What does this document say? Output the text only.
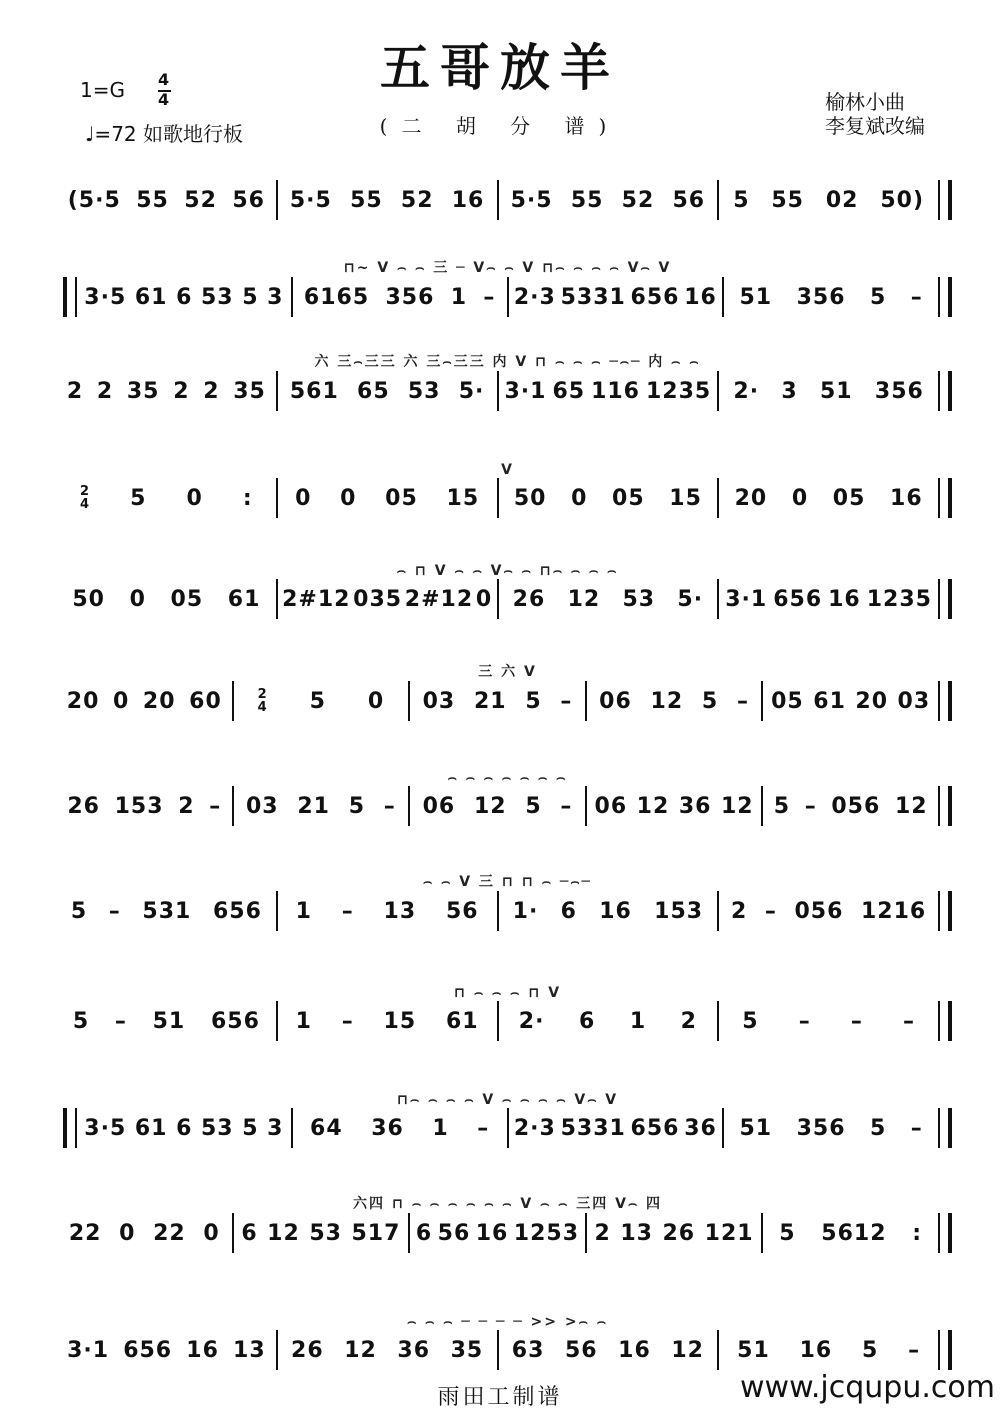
五哥放羊
(二 胡 分 谱)
1=G 4
4
♩=72 如歌地行板
榆林小曲
李复斌改编
(5·5 55 52 56 5·5 55 52 16 5·5 55 52 56 5 55 02 50)
⊓~ V ⌢ ⌢ 三 ─ V⌢ ⌢ V ⊓⌢ ⌢ ⌢ ⌢ V⌢ V
3·5 61 6 53 5 3 6165 356 1 – 2·3 5331 656 16 51 356 5 –
六 三⌢三三 六 三⌢三三 内 V ⊓ ⌢ ⌢ ⌢ ─⌢─ 内 ⌢ ⌢
2 2 35 2 2 35 561 65 53 5· 3·1 65 116 1235 2· 3 51 356
V
2
4 5 0 : 0 0 05 15 50 0 05 15 20 0 05 16
⌢ ⊓ V ⌢ ⌢ V⌢ ⌢ ⊓⌢ ⌢ ⌢ ⌢
50 0 05 61 2#12 035 2#12 0 26 12 53 5· 3·1 656 16 1235
三 六 V
20 0 20 60	2
4 5 0 03 21 5 – 06 12 5 – 05 61 20 03
⌢ ⌢ ⌢ ⌢ ⌢ ⌢ ⌢
26 153 2 – 03 21 5 – 06 12 5 – 06 12 36 12 5 – 056 12
⌢ ⌢ V 三 ⊓ ⊓ ⌢ ─⌢─
5 – 531 656 1 – 13 56 1· 6 16 153 2 – 056 1216
⊓ ⌢ ⌢ ⌢ ⊓ V
5 – 51 656 1 – 15 61 2· 6 1 2 5 – – –
⊓⌢ ⌢ ⌢ ⌢ V ⌢ ⌢ ⌢ ⌢ V⌢ V
3·5 61 6 53 5 3 64 36 1 – 2·3 5331 656 36 51 356 5 –
六四 ⊓ ⌢ ⌢ ⌢ ⌢ ⌢ ⌢ V ⌢ ⌢ 三四 V⌢ 四
22 0 22 0 6 12 53 517 6 56 16 1253 2 13 26 121 5 5612 :
⌢ ⌢ ⌢ ─ ─ ─ ─ >> >⌢ ⌢
3·1 656 16 13 26 12 36 35 63 56 16 12 51 16 5 –
雨田工制谱	www.jcqupu.com
